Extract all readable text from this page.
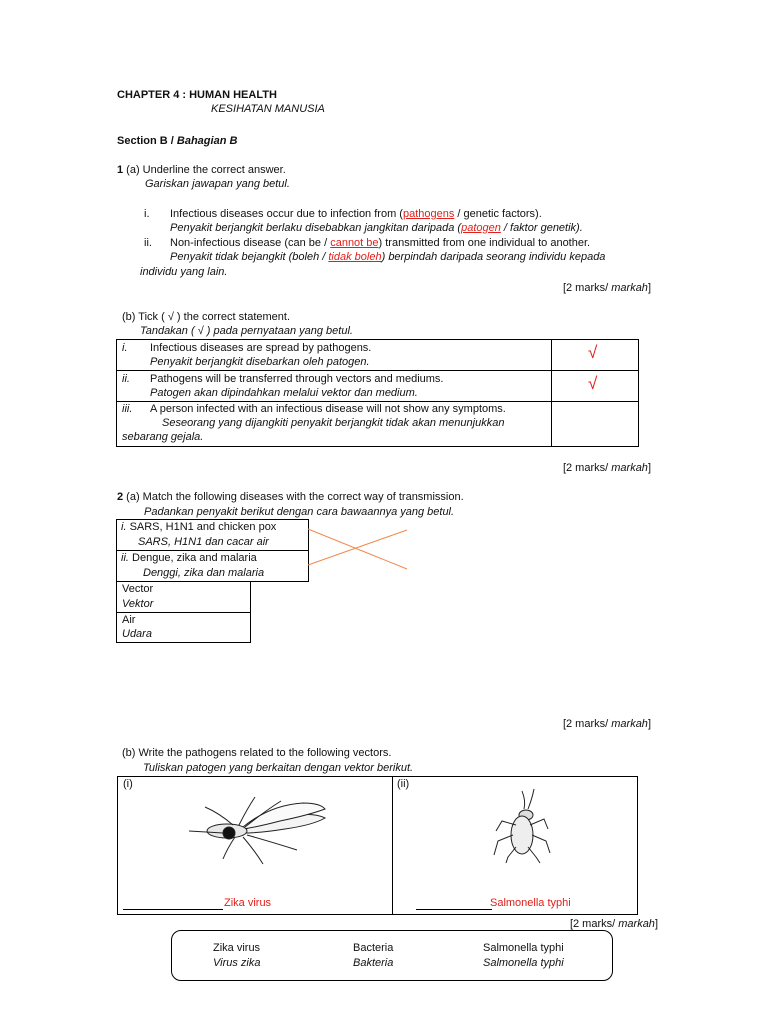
CHAPTER 4 : HUMAN HEALTH
KESIHATAN MANUSIA
Section B / Bahagian B
1 (a) Underline the correct answer.
Gariskan jawapan yang betul.
i. Infectious diseases occur due to infection from (pathogens / genetic factors).
Penyakit berjangkit berlaku disebabkan jangkitan daripada (patogen / faktor genetik).
ii. Non-infectious disease (can be / cannot be) transmitted from one individual to another.
Penyakit tidak bejangkit (boleh / tidak boleh) berpindah daripada seorang individu kepada
individu yang lain.
[2 marks/ markah]
(b) Tick ( √ ) the correct statement.
Tandakan ( √ ) pada pernyataan yang betul.
i. Infectious diseases are spread by pathogens.
Penyakit berjangkit disebarkan oleh patogen.	√
ii. Pathogens will be transferred through vectors and mediums.
Patogen akan dipindahkan melalui vektor dan medium.	√
iii. A person infected with an infectious disease will not show any symptoms.
Seseorang yang dijangkiti penyakit berjangkit tidak akan menunjukkan
sebarang gejala.
[2 marks/ markah]
2 (a) Match the following diseases with the correct way of transmission.
Padankan penyakit berikut dengan cara bawaannya yang betul.
i. SARS, H1N1 and chicken pox
SARS, H1N1 dan cacar air
ii. Dengue, zika and malaria
Denggi, zika dan malaria
Vector
Vektor
Air
Udara
[2 marks/ markah]
(b) Write the pathogens related to the following vectors.
Tuliskan patogen yang berkaitan dengan vektor berikut.
(i)	(ii)
Zika virus	Salmonella typhi
[2 marks/ markah]
Zika virus
Virus zika
Bacteria
Bakteria
Salmonella typhi
Salmonella typhi
